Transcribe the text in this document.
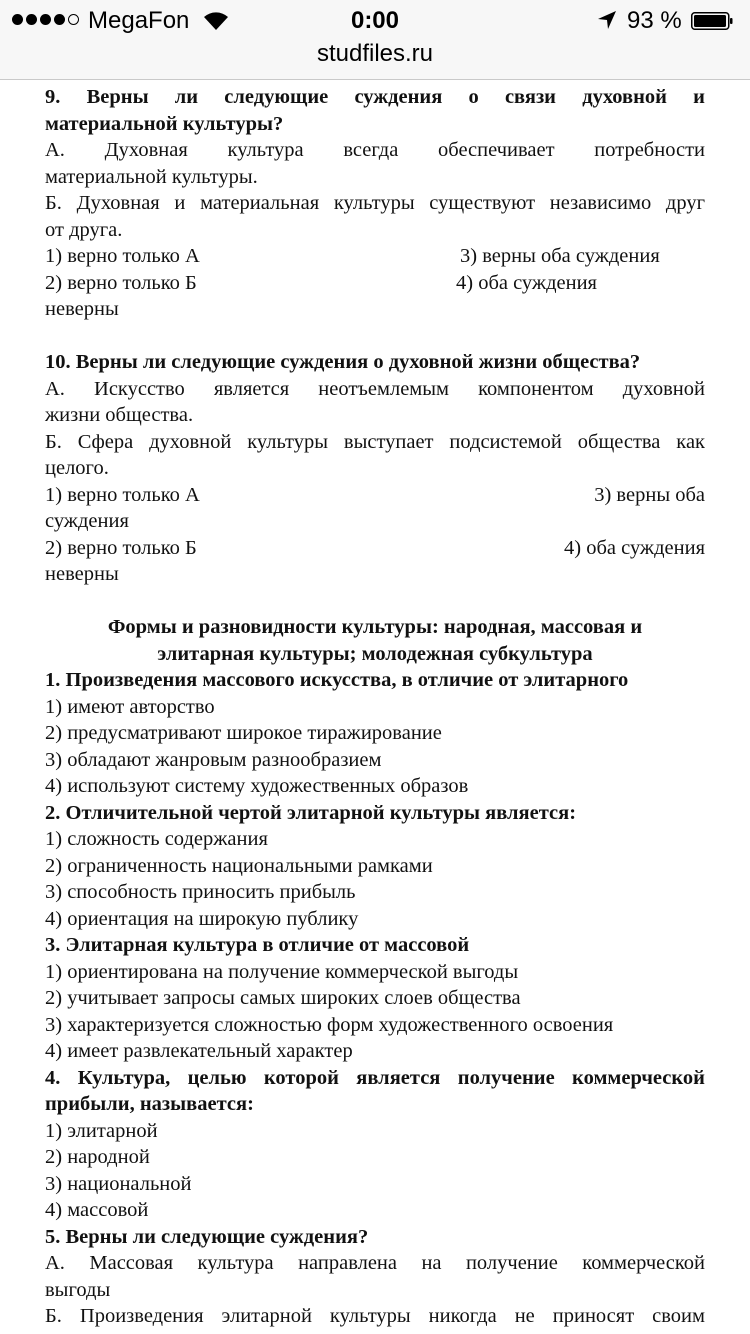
MegaFon	0:00	93 %
studfiles.ru
9. Верны ли следующие суждения о связи духовной и
материальной культуры?
А. Духовная культура всегда обеспечивает потребности
материальной культуры.
Б. Духовная и материальная культуры существуют независимо друг
от друга.
1) верно только А	3) верны оба суждения
2) верно только Б	4) оба суждения
неверны
10. Верны ли следующие суждения о духовной жизни общества?
А. Искусство является неотъемлемым компонентом духовной
жизни общества.
Б. Сфера духовной культуры выступает подсистемой общества как
целого.
1) верно только А	3) верны оба
суждения
2) верно только Б	4) оба суждения
неверны
Формы и разновидности культуры: народная, массовая и
элитарная культуры; молодежная субкультура
1. Произведения массового искусства, в отличие от элитарного
1) имеют авторство
2) предусматривают широкое тиражирование
3) обладают жанровым разнообразием
4) используют систему художественных образов
2. Отличительной чертой элитарной культуры является:
1) сложность содержания
2) ограниченность национальными рамками
3) способность приносить прибыль
4) ориентация на широкую публику
3. Элитарная культура в отличие от массовой
1) ориентирована на получение коммерческой выгоды
2) учитывает запросы самых широких слоев общества
3) характеризуется сложностью форм художественного освоения
4) имеет развлекательный характер
4. Культура, целью которой является получение коммерческой
прибыли, называется:
1) элитарной
2) народной
3) национальной
4) массовой
5. Верны ли следующие суждения?
А. Массовая культура направлена на получение коммерческой
выгоды
Б. Произведения элитарной культуры никогда не приносят своим
